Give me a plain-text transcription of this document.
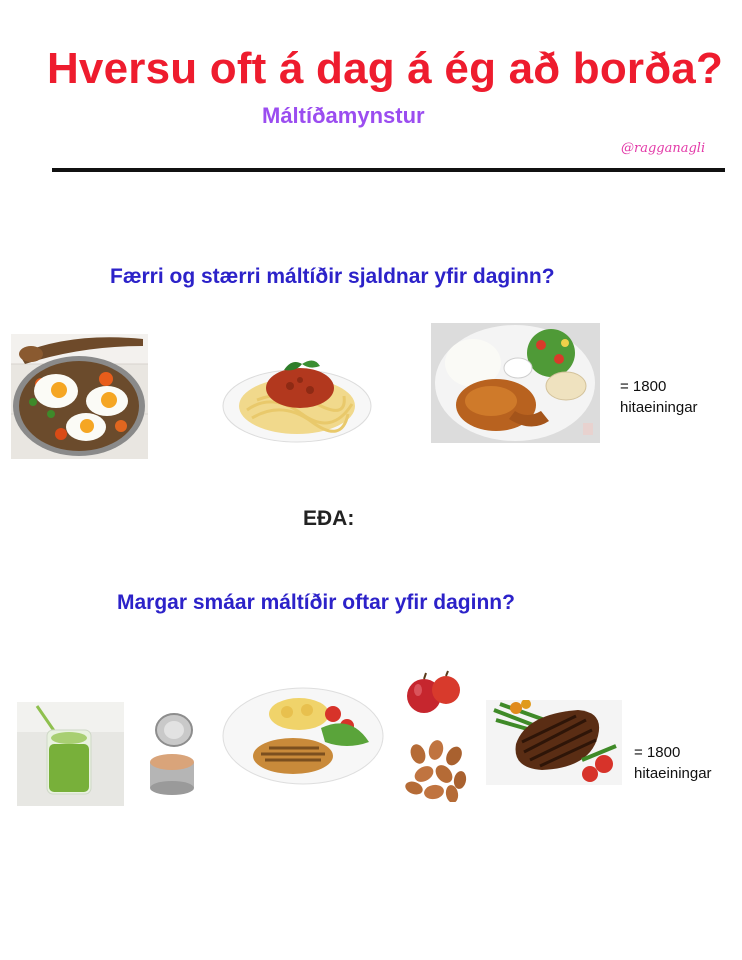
Hversu oft á dag á ég að borða?
Máltíðamynstur
@ragganagli
Færri og stærri máltíðir sjaldnar yfir daginn?
= 1800
hitaeiningar
EÐA:
Margar smáar máltíðir oftar yfir daginn?
= 1800
hitaeiningar
